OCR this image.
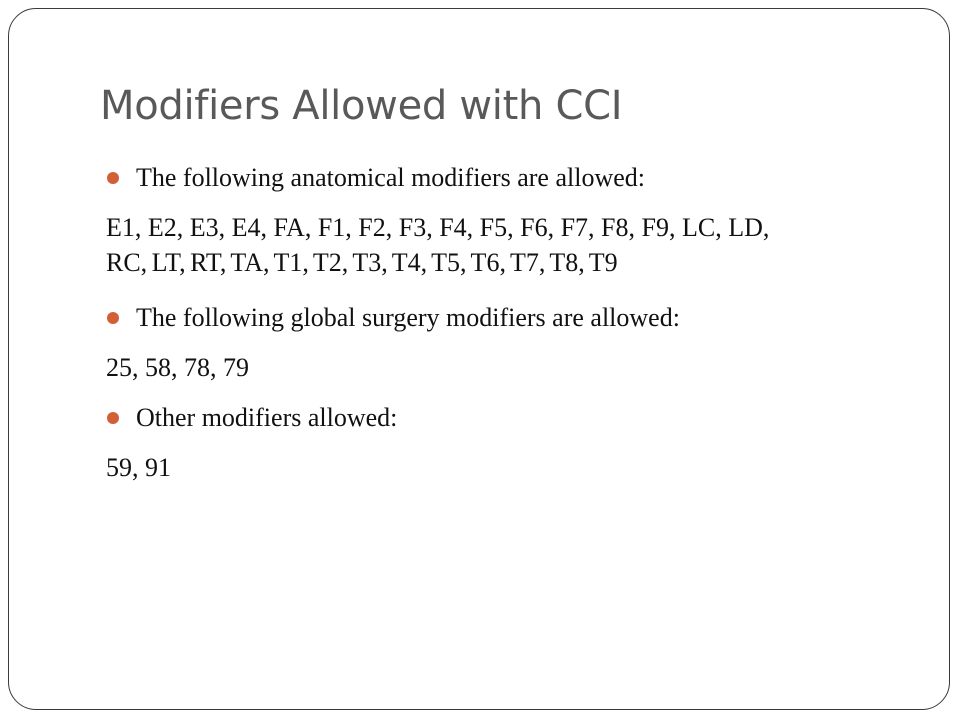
Modifiers Allowed with CCI
The following anatomical modifiers are allowed:
E1, E2, E3, E4, FA, F1, F2, F3, F4, F5, F6, F7, F8, F9, LC, LD,
RC, LT, RT, TA, T1, T2, T3, T4, T5, T6, T7, T8, T9
The following global surgery modifiers are allowed:
25, 58, 78, 79
Other modifiers allowed:
59, 91
